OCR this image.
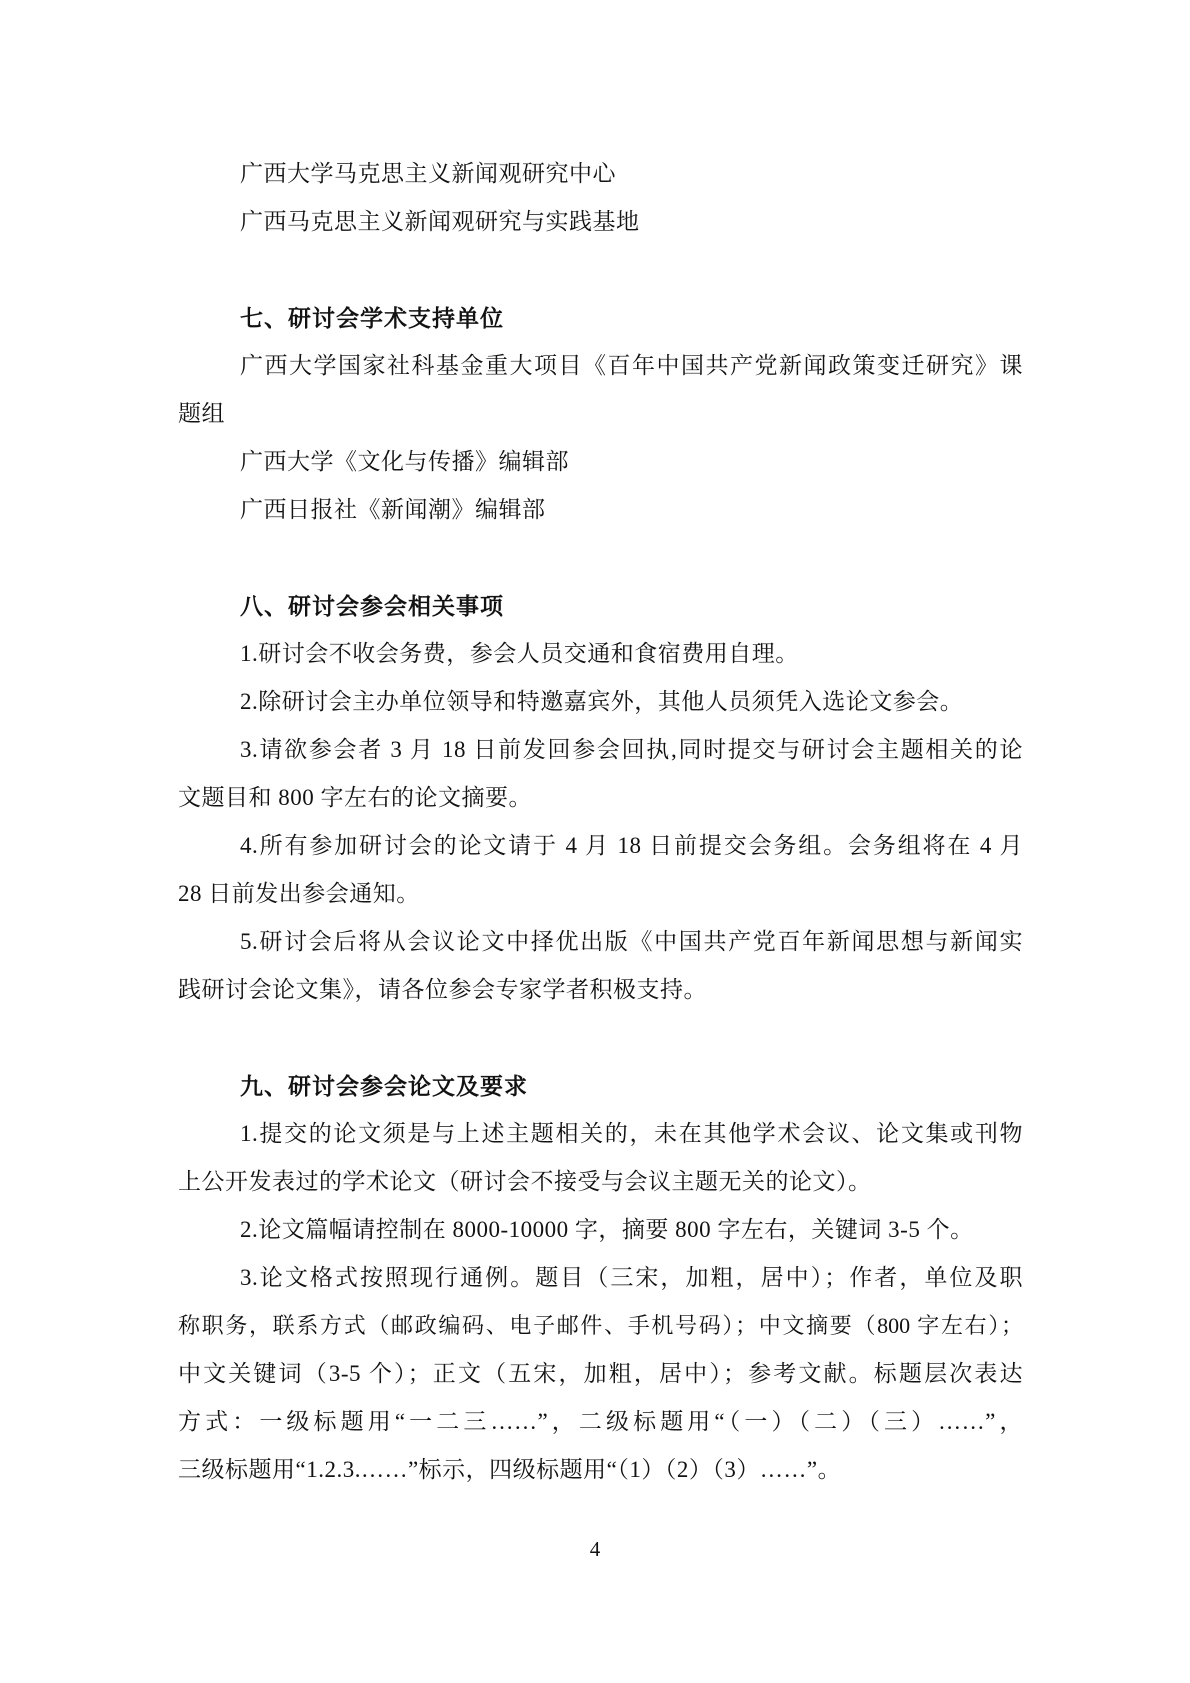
广西大学马克思主义新闻观研究中心
广西马克思主义新闻观研究与实践基地
七、研讨会学术支持单位
广西大学国家社科基金重大项目《百年中国共产党新闻政策变迁研究》课
题组
广西大学《文化与传播》编辑部
广西日报社《新闻潮》编辑部
八、研讨会参会相关事项
1.研讨会不收会务费，参会人员交通和食宿费用自理。
2.除研讨会主办单位领导和特邀嘉宾外，其他人员须凭入选论文参会。
3.请欲参会者 3 月 18 日前发回参会回执,同时提交与研讨会主题相关的论
文题目和 800 字左右的论文摘要。
4.所有参加研讨会的论文请于 4 月 18 日前提交会务组。会务组将在 4 月
28 日前发出参会通知。
5.研讨会后将从会议论文中择优出版《中国共产党百年新闻思想与新闻实
践研讨会论文集》，请各位参会专家学者积极支持。
九、研讨会参会论文及要求
1.提交的论文须是与上述主题相关的，未在其他学术会议、论文集或刊物
上公开发表过的学术论文（研讨会不接受与会议主题无关的论文）。
2.论文篇幅请控制在 8000-10000 字，摘要 800 字左右，关键词 3-5 个。
3.论文格式按照现行通例。题目（三宋，加粗，居中）；作者，单位及职
称职务，联系方式（邮政编码、电子邮件、手机号码）；中文摘要（800 字左右）；
中文关键词（3-5 个）；正文（五宋，加粗，居中）；参考文献。标题层次表达
方式：一级标题用“一二三……”，二级标题用“（一）（二）（三）……”，
三级标题用“1.2.3.……”标示，四级标题用“（1）（2）（3）……”。
4
